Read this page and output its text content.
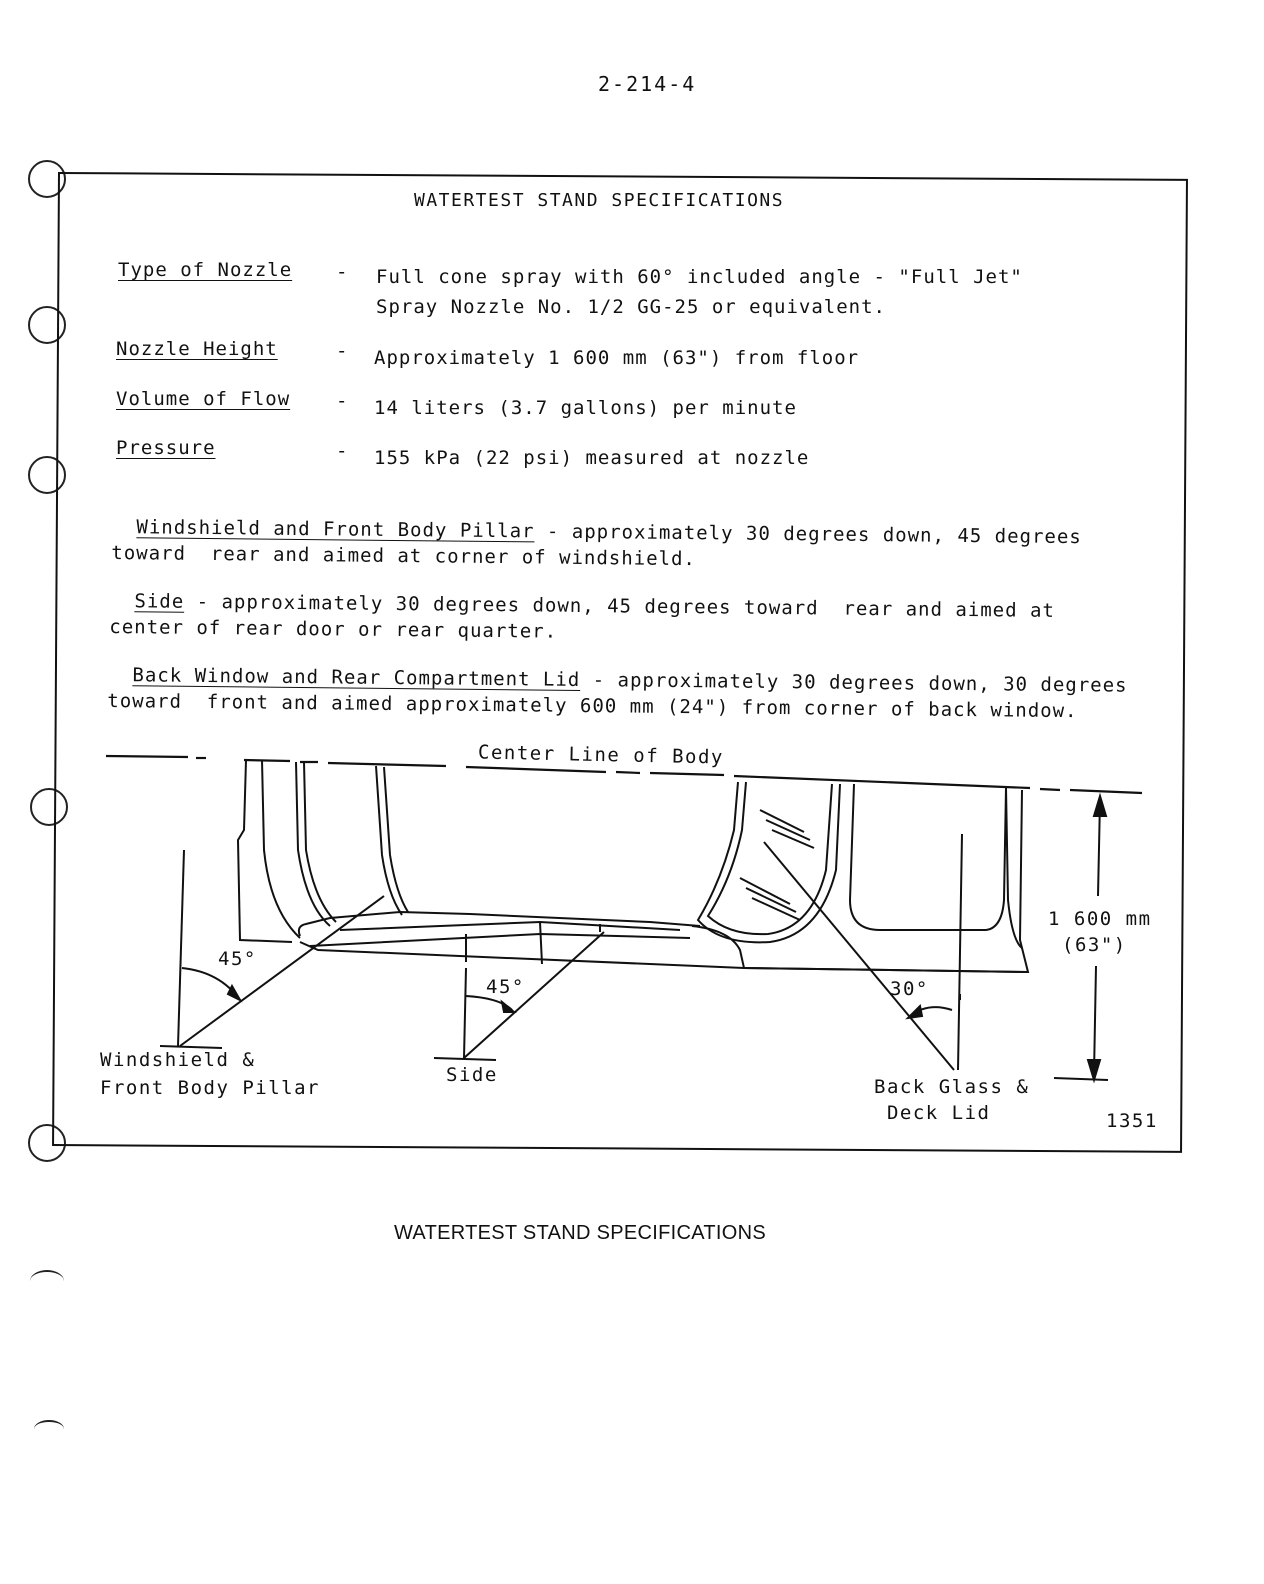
2-214-4
WATERTEST STAND SPECIFICATIONS
Type of Nozzle - Full cone spray with 60° included angle - "Full Jet"
Spray Nozzle No. 1/2 GG-25 or equivalent.
Nozzle Height	- Approximately 1 600 mm (63") from floor
Volume of Flow - 14 liters (3.7 gallons) per minute
Pressure	- 155 kPa (22 psi) measured at nozzle

Windshield and Front Body Pillar - approximately 30 degrees down, 45 degrees
toward  rear and aimed at corner of windshield.

Side - approximately 30 degrees down, 45 degrees toward  rear and aimed at
center of rear door or rear quarter.

Back Window and Rear Compartment Lid - approximately 30 degrees down, 30 degrees
toward  front and aimed approximately 600 mm (24") from corner of back window.

Center Line of Body
45°
45°	30°
1 600 mm
(63")
Windshield &
Front Body Pillar
Side
Back Glass &
Deck Lid	1351
WATERTEST STAND SPECIFICATIONS
